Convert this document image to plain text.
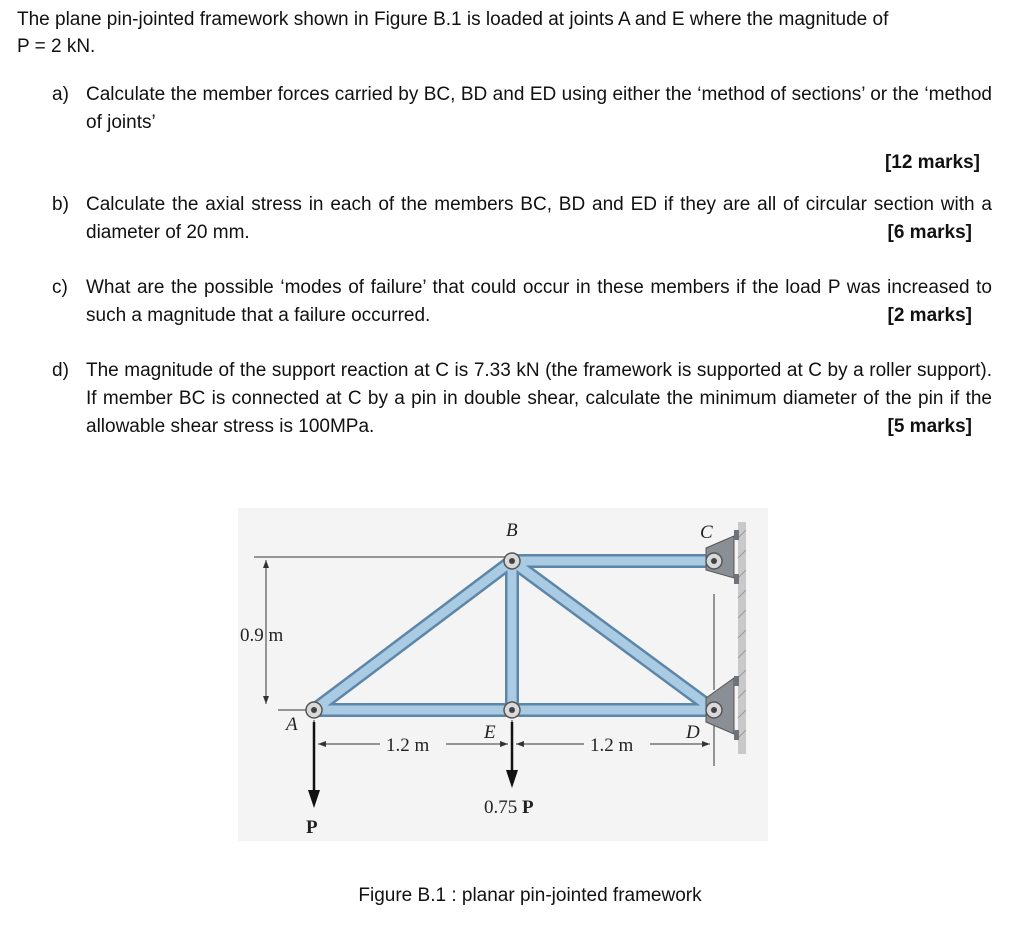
The plane pin-jointed framework shown in Figure B.1 is loaded at joints A and E where the magnitude of
P = 2 kN.
a) Calculate the member forces carried by BC, BD and ED using either the ‘method of sections’ or the ‘method of joints’
[12 marks]
b) Calculate the axial stress in each of the members BC, BD and ED if they are all of circular section with a diameter of 20 mm.	[6 marks]
c) What are the possible ‘modes of failure’ that could occur in these members if the load P was increased to such a magnitude that a failure occurred.	[2 marks]
d) The magnitude of the support reaction at C is 7.33 kN (the framework is supported at C by a roller support). If member BC is connected at C by a pin in double shear, calculate the minimum diameter of the pin if the allowable shear stress is 100MPa.	[5 marks]
B	C
A	E	D
0.9 m
1.2 m	1.2 m
0.75 P
P
Figure B.1 : planar pin-jointed framework
